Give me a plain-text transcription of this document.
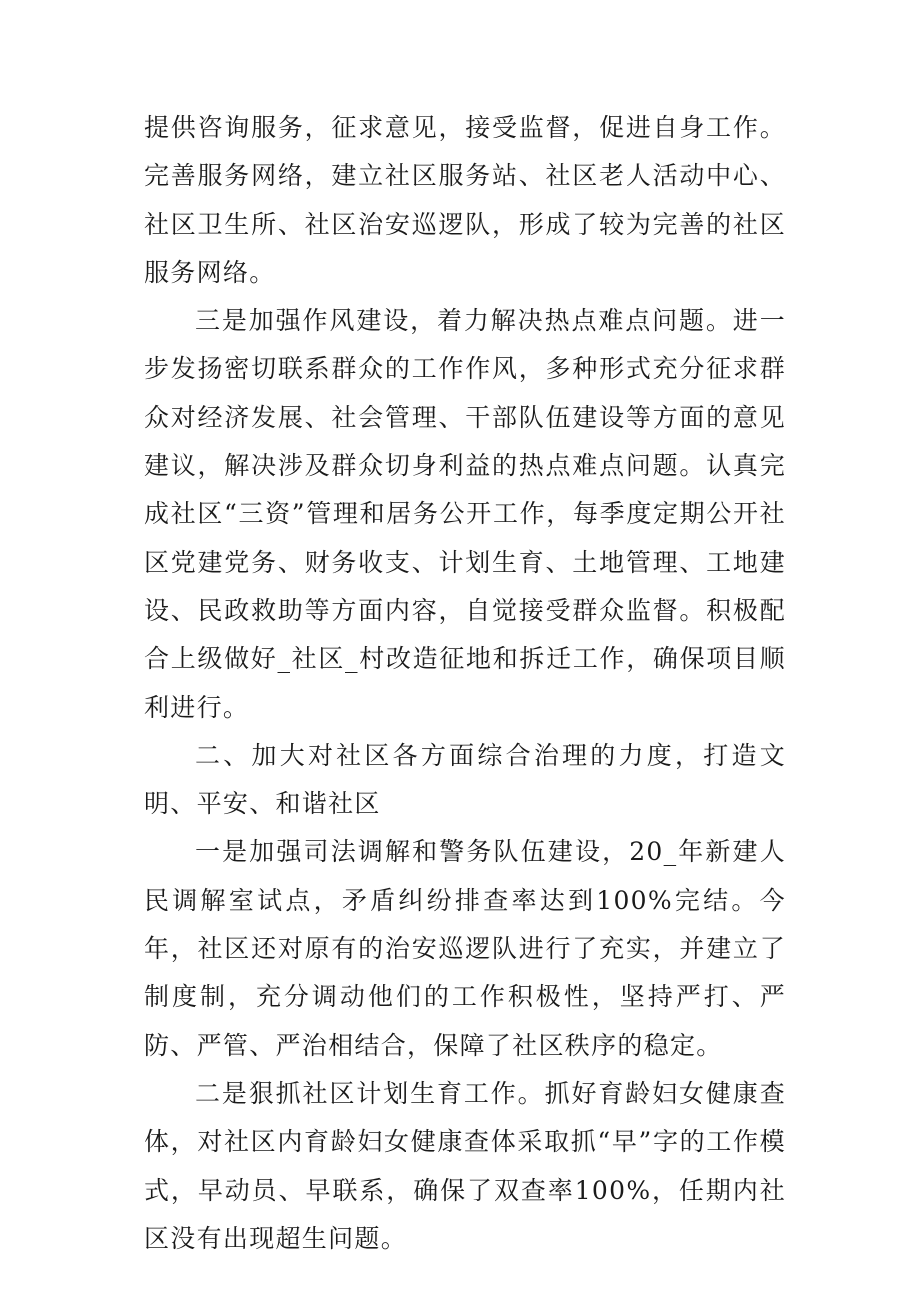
提供咨询服务，征求意见，接受监督，促进自身工作。完善服务网络，建立社区服务站、社区老人活动中心、社区卫生所、社区治安巡逻队，形成了较为完善的社区服务网络。

三是加强作风建设，着力解决热点难点问题。进一步发扬密切联系群众的工作作风，多种形式充分征求群众对经济发展、社会管理、干部队伍建设等方面的意见建议，解决涉及群众切身利益的热点难点问题。认真完成社区“三资”管理和居务公开工作，每季度定期公开社区党建党务、财务收支、计划生育、土地管理、工地建设、民政救助等方面内容，自觉接受群众监督。积极配合上级做好_社区_村改造征地和拆迁工作，确保项目顺利进行。

二、加大对社区各方面综合治理的力度，打造文明、平安、和谐社区

一是加强司法调解和警务队伍建设，20_年新建人民调解室试点，矛盾纠纷排查率达到100%完结。今年，社区还对原有的治安巡逻队进行了充实，并建立了制度制，充分调动他们的工作积极性，坚持严打、严防、严管、严治相结合，保障了社区秩序的稳定。

二是狠抓社区计划生育工作。抓好育龄妇女健康查体，对社区内育龄妇女健康查体采取抓“早”字的工作模式，早动员、早联系，确保了双查率100%，任期内社区没有出现超生问题。
